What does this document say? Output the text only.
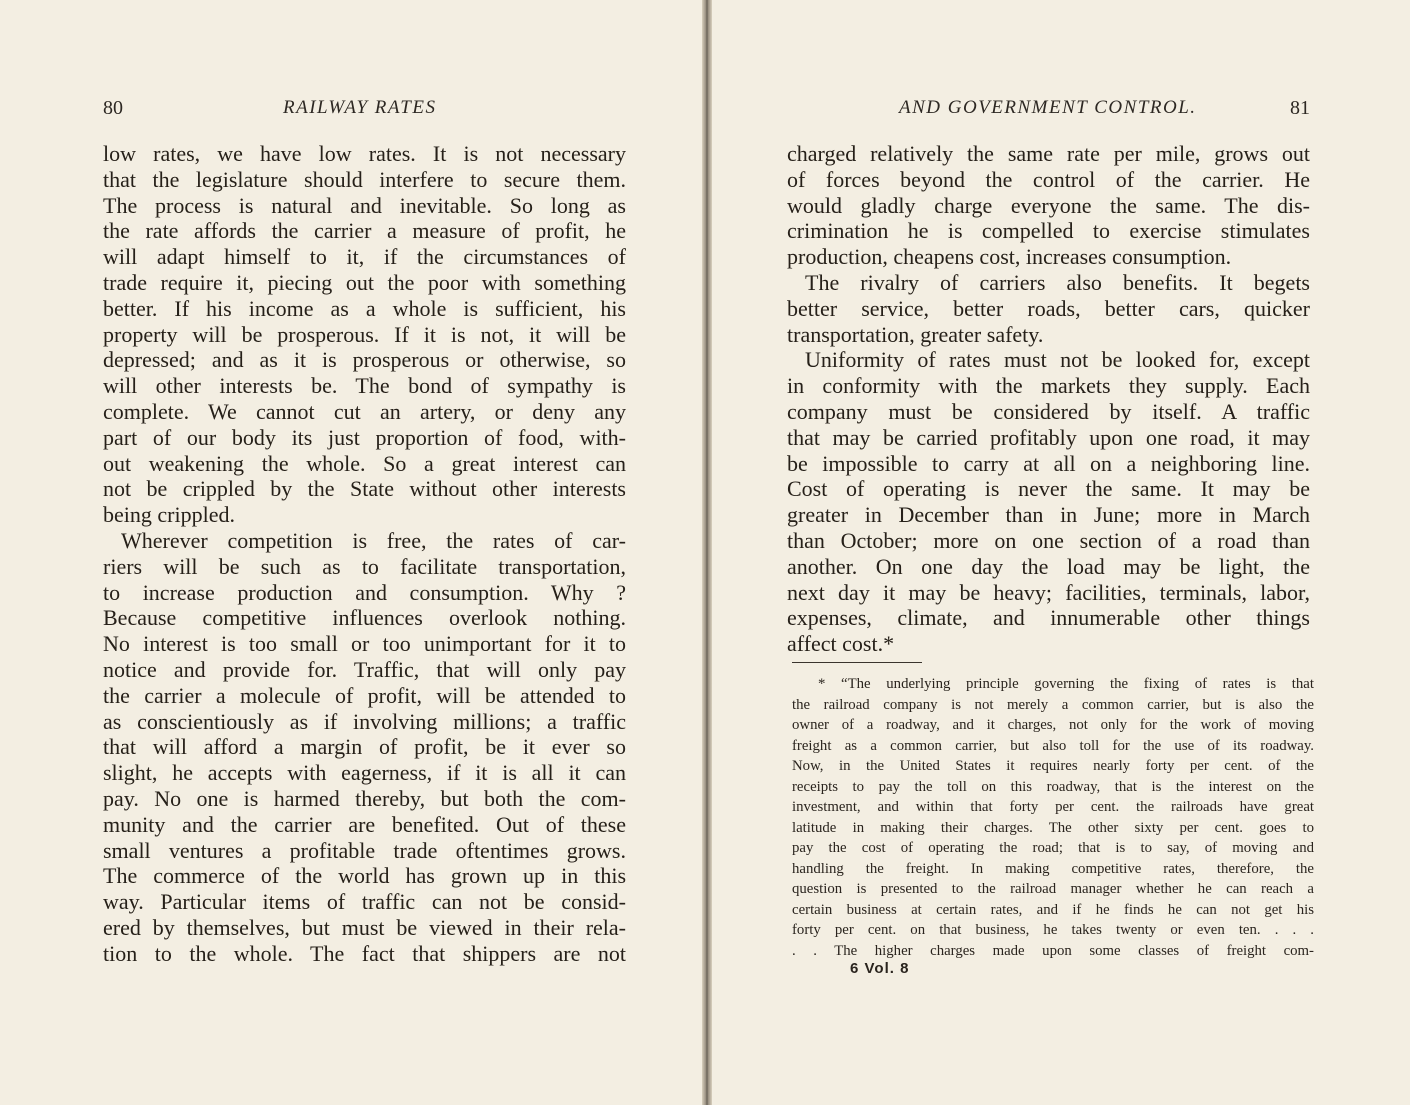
80	RAILWAY RATES
low rates, we have low rates. It is not necessary
that the legislature should interfere to secure them.
The process is natural and inevitable. So long as
the rate affords the carrier a measure of profit, he
will adapt himself to it, if the circumstances of
trade require it, piecing out the poor with something
better. If his income as a whole is sufficient, his
property will be prosperous. If it is not, it will be
depressed; and as it is prosperous or otherwise, so
will other interests be. The bond of sympathy is
complete. We cannot cut an artery, or deny any
part of our body its just proportion of food, with-
out weakening the whole. So a great interest can
not be crippled by the State without other interests
being crippled.
Wherever competition is free, the rates of car-
riers will be such as to facilitate transportation,
to increase production and consumption. Why ?
Because competitive influences overlook nothing.
No interest is too small or too unimportant for it to
notice and provide for. Traffic, that will only pay
the carrier a molecule of profit, will be attended to
as conscientiously as if involving millions; a traffic
that will afford a margin of profit, be it ever so
slight, he accepts with eagerness, if it is all it can
pay. No one is harmed thereby, but both the com-
munity and the carrier are benefited. Out of these
small ventures a profitable trade oftentimes grows.
The commerce of the world has grown up in this
way. Particular items of traffic can not be consid-
ered by themselves, but must be viewed in their rela-
tion to the whole. The fact that shippers are not
AND GOVERNMENT CONTROL.	81
charged relatively the same rate per mile, grows out
of forces beyond the control of the carrier. He
would gladly charge everyone the same. The dis-
crimination he is compelled to exercise stimulates
production, cheapens cost, increases consumption.
The rivalry of carriers also benefits. It begets
better service, better roads, better cars, quicker
transportation, greater safety.
Uniformity of rates must not be looked for, except
in conformity with the markets they supply. Each
company must be considered by itself. A traffic
that may be carried profitably upon one road, it may
be impossible to carry at all on a neighboring line.
Cost of operating is never the same. It may be
greater in December than in June; more in March
than October; more on one section of a road than
another. On one day the load may be light, the
next day it may be heavy; facilities, terminals, labor,
expenses, climate, and innumerable other things
affect cost.*
* “The underlying principle governing the fixing of rates is that
the railroad company is not merely a common carrier, but is also the
owner of a roadway, and it charges, not only for the work of moving
freight as a common carrier, but also toll for the use of its roadway.
Now, in the United States it requires nearly forty per cent. of the
receipts to pay the toll on this roadway, that is the interest on the
investment, and within that forty per cent. the railroads have great
latitude in making their charges. The other sixty per cent. goes to
pay the cost of operating the road; that is to say, of moving and
handling the freight. In making competitive rates, therefore, the
question is presented to the railroad manager whether he can reach a
certain business at certain rates, and if he finds he can not get his
forty per cent. on that business, he takes twenty or even ten. . . .
. . The higher charges made upon some classes of freight com-
6 Vol. 8
